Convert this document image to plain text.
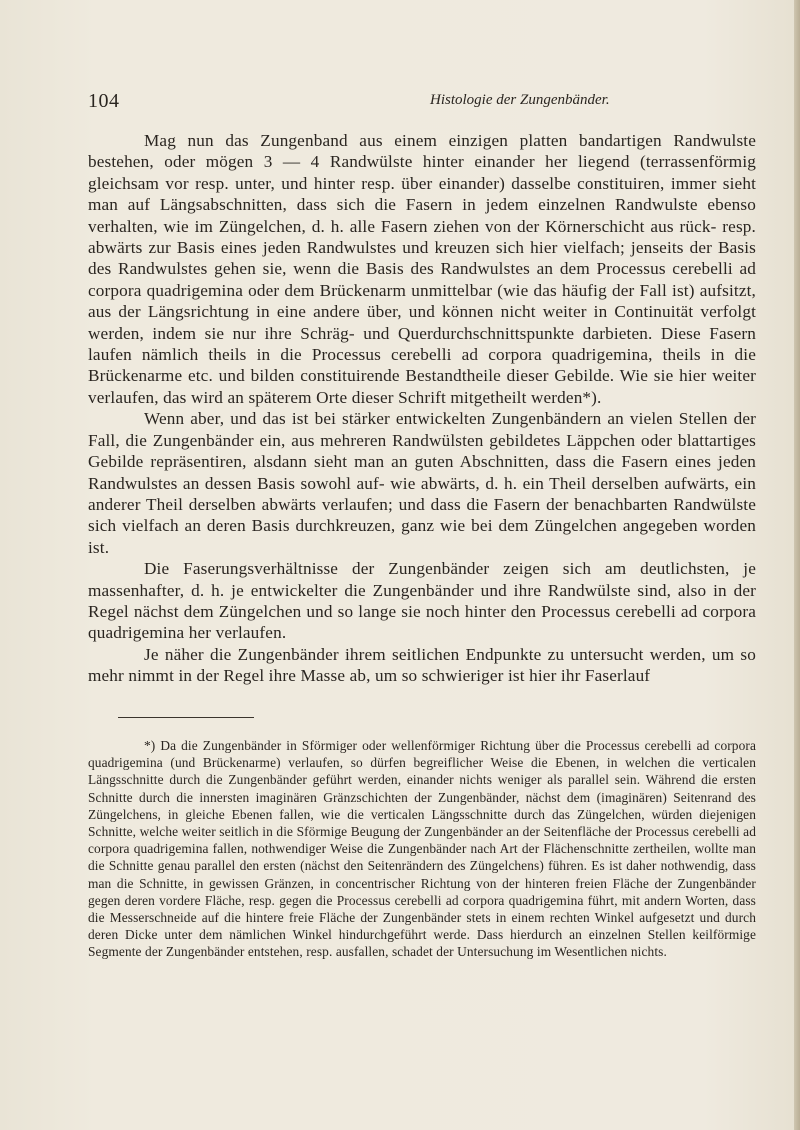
104	Histologie der Zungenbänder.

Mag nun das Zungenband aus einem einzigen platten bandartigen Randwulste bestehen, oder mögen 3 — 4 Randwülste hinter einander her liegend (terrassenförmig gleichsam vor resp. unter, und hinter resp. über einander) dasselbe constituiren, immer sieht man auf Längsabschnitten, dass sich die Fasern in jedem einzelnen Randwulste ebenso verhalten, wie im Züngelchen, d. h. alle Fasern ziehen von der Körnerschicht aus rück- resp. abwärts zur Basis eines jeden Randwulstes und kreuzen sich hier vielfach; jenseits der Basis des Randwulstes gehen sie, wenn die Basis des Randwulstes an dem Processus cerebelli ad corpora quadrigemina oder dem Brückenarm unmittelbar (wie das häufig der Fall ist) aufsitzt, aus der Längsrichtung in eine andere über, und können nicht weiter in Continuität verfolgt werden, indem sie nur ihre Schräg- und Querdurchschnittspunkte darbieten. Diese Fasern laufen nämlich theils in die Processus cerebelli ad corpora quadrigemina, theils in die Brückenarme etc. und bilden constituirende Bestandtheile dieser Gebilde. Wie sie hier weiter verlaufen, das wird an späterem Orte dieser Schrift mitgetheilt werden*).

Wenn aber, und das ist bei stärker entwickelten Zungenbändern an vielen Stellen der Fall, die Zungenbänder ein, aus mehreren Randwülsten gebildetes Läppchen oder blattartiges Gebilde repräsentiren, alsdann sieht man an guten Abschnitten, dass die Fasern eines jeden Randwulstes an dessen Basis sowohl auf- wie abwärts, d. h. ein Theil derselben aufwärts, ein anderer Theil derselben abwärts verlaufen; und dass die Fasern der benachbarten Randwülste sich vielfach an deren Basis durchkreuzen, ganz wie bei dem Züngelchen angegeben worden ist.

Die Faserungsverhältnisse der Zungenbänder zeigen sich am deutlichsten, je massenhafter, d. h. je entwickelter die Zungenbänder und ihre Randwülste sind, also in der Regel nächst dem Züngelchen und so lange sie noch hinter den Processus cerebelli ad corpora quadrigemina her verlaufen.

Je näher die Zungenbänder ihrem seitlichen Endpunkte zu untersucht werden, um so mehr nimmt in der Regel ihre Masse ab, um so schwieriger ist hier ihr Faserlauf

*) Da die Zungenbänder in Sförmiger oder wellenförmiger Richtung über die Processus cerebelli ad corpora quadrigemina (und Brückenarme) verlaufen, so dürfen begreiflicher Weise die Ebenen, in welchen die verticalen Längsschnitte durch die Zungenbänder geführt werden, einander nichts weniger als parallel sein. Während die ersten Schnitte durch die innersten imaginären Gränzschichten der Zungenbänder, nächst dem (imaginären) Seitenrand des Züngelchens, in gleiche Ebenen fallen, wie die verticalen Längsschnitte durch das Züngelchen, würden diejenigen Schnitte, welche weiter seitlich in die Sförmige Beugung der Zungenbänder an der Seitenfläche der Processus cerebelli ad corpora quadrigemina fallen, nothwendiger Weise die Zungenbänder nach Art der Flächenschnitte zertheilen, wollte man die Schnitte genau parallel den ersten (nächst den Seitenrändern des Züngelchens) führen. Es ist daher nothwendig, dass man die Schnitte, in gewissen Gränzen, in concentrischer Richtung von der hinteren freien Fläche der Zungenbänder gegen deren vordere Fläche, resp. gegen die Processus cerebelli ad corpora quadrigemina führt, mit andern Worten, dass die Messerschneide auf die hintere freie Fläche der Zungenbänder stets in einem rechten Winkel aufgesetzt und durch deren Dicke unter dem nämlichen Winkel hindurchgeführt werde. Dass hierdurch an einzelnen Stellen keilförmige Segmente der Zungenbänder entstehen, resp. ausfallen, schadet der Untersuchung im Wesentlichen nichts.
